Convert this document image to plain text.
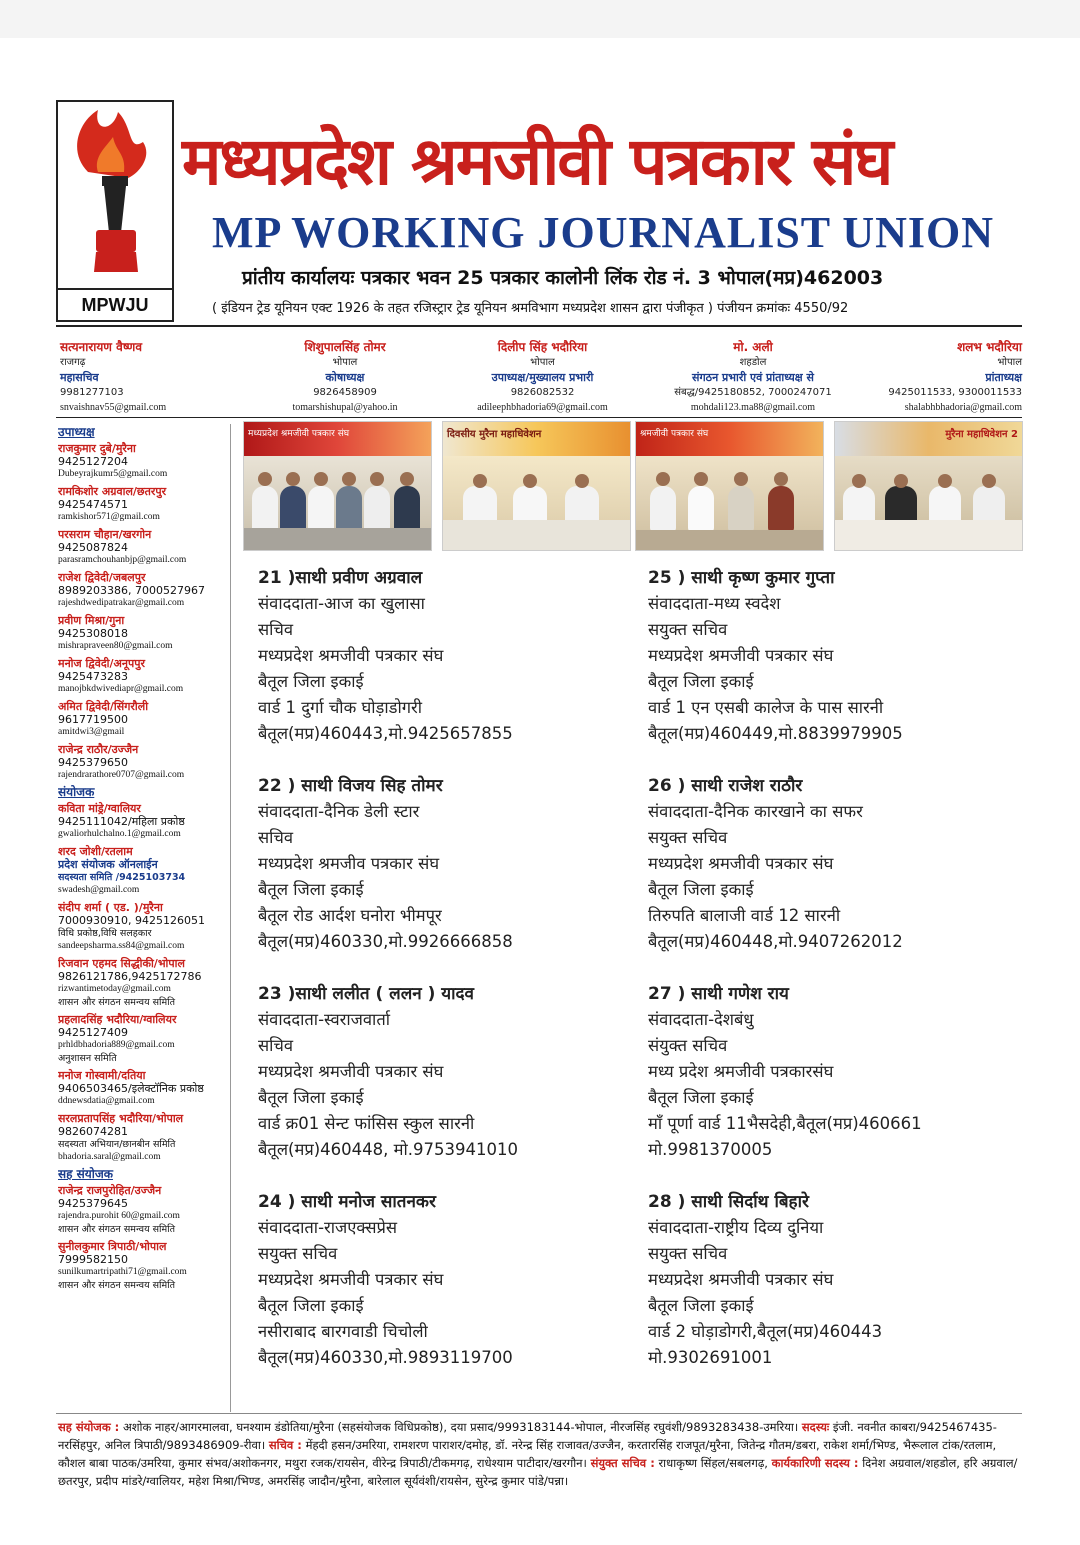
MPWJU
मध्यप्रदेश श्रमजीवी पत्रकार संघ
MP WORKING JOURNALIST UNION
प्रांतीय कार्यालयः पत्रकार भवन 25 पत्रकार कालोनी लिंक रोड नं. 3 भोपाल(मप्र)462003
( इंडियन ट्रेड यूनियन एक्ट 1926 के तहत रजिस्ट्रार ट्रेड यूनियन श्रमविभाग मध्यप्रदेश शासन द्वारा पंजीकृत ) पंजीयन क्रमांकः 4550/92
सत्यनारायण वैष्णव
राजगढ़
महासचिव
9981277103
snvaishnav55@gmail.com
शिशुपालसिंह तोमर
भोपाल
कोषाध्यक्ष
9826458909
tomarshishupal@yahoo.in
दिलीप सिंह भदौरिया
भोपाल
उपाध्यक्ष/मुख्यालय प्रभारी
9826082532
adileephbhadoria69@gmail.com
मो. अली
शहडोल
संगठन प्रभारी एवं प्रांताध्यक्ष से
संबद्ध/9425180852, 7000247071
mohdali123.ma88@gmail.com
शलभ भदौरिया
भोपाल
प्रांताध्यक्ष
9425011533, 9300011533
shalabhbhadoria@gmail.com
उपाध्यक्ष
राजकुमार दुबे/मुरैना
9425127204
Dubeyrajkumr5@gmail.com
रामकिशोर अग्रवाल/छतरपुर
9425474571
ramkishor571@gmail.com
परसराम चौहान/खरगोन
9425087824
parasramchouhanbjp@gmail.com
राजेश द्विवेदी/जबलपुर
8989203386, 7000527967
rajeshdwedipatrakar@gmail.com
प्रवीण मिश्रा/गुना
9425308018
mishrapraveen80@gmail.com
मनोज द्विवेदी/अनूपपुर
9425473283
manojbkdwivediapr@gmail.com
अमित द्विवेदी/सिंगरौली
9617719500
amitdwi3@gmail
राजेन्द्र राठौर/उज्जैन
9425379650
rajendrarathore0707@gmail.com
संयोजक
कविता मांड्रे/ग्वालियर
9425111042/महिला प्रकोष्ठ
gwaliorhulchalno.1@gmail.com
शरद जोशी/रतलाम
प्रदेश संयोजक ऑनलाईन
सदस्यता समिति /9425103734
swadesh@gmail.com
संदीप शर्मा ( एड. )/मुरैना
7000930910, 9425126051
विधि प्रकोष्ठ,विधि सलहकार
sandeepsharma.ss84@gmail.com
रिजवान एहमद सिद्धीकी/भोपाल
9826121786,9425172786
rizwantimetoday@gmail.com
शासन और संगठन समन्वय समिति
प्रहलादसिंह भदौरिया/ग्वालियर
9425127409
prhldbhadoria889@gmail.com
अनुशासन समिति
मनोज गोस्वामी/दतिया
9406503465/इलेक्टॉनिक प्रकोष्ठ
ddnewsdatia@gmail.com
सरलप्रतापसिंह भदौरिया/भोपाल
9826074281
सदस्यता अभियान/छानबीन समिति
bhadoria.saral@gmail.com
सह संयोजक
राजेन्द्र राजपुरोहित/उज्जैन
9425379645
rajendra.purohit 60@gmail.com
शासन और संगठन समन्वय समिति
सुनीलकुमार त्रिपाठी/भोपाल
7999582150
sunilkumartripathi71@gmail.com
शासन और संगठन समन्वय समिति
मध्यप्रदेश श्रमजीवी पत्रकार संघ	दिवसीय मुरैना महाधिवेशन	श्रमजीवी पत्रकार संघ	मुरैना महाधिवेशन 2
21 )साथी प्रवीण अग्रवाल
संवाददाता-आज का खुलासा
सचिव
मध्यप्रदेश श्रमजीवी पत्रकार संघ
बैतूल जिला इकाई
वार्ड 1 दुर्गा चौक घोड़ाडोगरी
बैतूल(मप्र)460443,मो.9425657855
25 ) साथी कृष्ण कुमार गुप्ता
संवाददाता-मध्य स्वदेश
सयुक्त सचिव
मध्यप्रदेश श्रमजीवी पत्रकार संघ
बैतूल जिला इकाई
वार्ड 1 एन एसबी कालेज के पास सारनी
बैतूल(मप्र)460449,मो.8839979905
22 ) साथी विजय सिह तोमर
संवाददाता-दैनिक डेली स्टार
सचिव
मध्यप्रदेश श्रमजीव पत्रकार संघ
बैतूल जिला इकाई
बैतूल रोड आर्दश घनोरा भीमपूर
बैतूल(मप्र)460330,मो.9926666858
26 ) साथी राजेश राठौर
संवाददाता-दैनिक कारखाने का सफर
सयुक्त सचिव
मध्यप्रदेश श्रमजीवी पत्रकार संघ
बैतूल जिला इकाई
तिरुपति बालाजी वार्ड 12 सारनी
बैतूल(मप्र)460448,मो.9407262012
23 )साथी ललीत ( ललन ) यादव
संवाददाता-स्वराजवार्ता
सचिव
मध्यप्रदेश श्रमजीवी पत्रकार संघ
बैतूल जिला इकाई
वार्ड क्र01 सेन्ट फांसिस स्कुल सारनी
बैतूल(मप्र)460448, मो.9753941010
27 ) साथी गणेश राय
संवाददाता-देशबंधु
संयुक्त सचिव
मध्य प्रदेश श्रमजीवी पत्रकारसंघ
बैतूल जिला इकाई
माँ पूर्णा वार्ड 11भैसदेही,बैतूल(मप्र)460661
मो.9981370005
24 ) साथी मनोज सातनकर
संवाददाता-राजएक्सप्रेस
सयुक्त सचिव
मध्यप्रदेश श्रमजीवी पत्रकार संघ
बैतूल जिला इकाई
नसीराबाद बारगवाडी चिचोली
बैतूल(मप्र)460330,मो.9893119700
28 ) साथी सिर्दाथ बिहारे
संवाददाता-राष्ट्रीय दिव्य दुनिया
सयुक्त सचिव
मध्यप्रदेश श्रमजीवी पत्रकार संघ
बैतूल जिला इकाई
वार्ड 2 घोड़ाडोगरी,बैतूल(मप्र)460443
मो.9302691001
सह संयोजक : अशोक नाहर/आगरमालवा, घनश्याम डंडोतिया/मुरैना (सहसंयोजक विधिप्रकोष्ठ), दया प्रसाद/9993183144-भोपाल, नीरजसिंह रघुवंशी/9893283438-उमरिया। सदस्यः इंजी. नवनीत काबरा/9425467435-नरसिंहपुर, अनिल त्रिपाठी/9893486909-रीवा। सचिव : मेंहदी हसन/उमरिया, रामशरण पाराशर/दमोह, डॉ. नरेन्द्र सिंह राजावत/उज्जैन, करतारसिंह राजपूत/मुरैना, जितेन्द्र गौतम/डबरा, राकेश शर्मा/भिण्ड, भैरूलाल टांक/रतलाम, कौशल बाबा पाठक/उमरिया, कुमार संभव/अशोकनगर, मथुरा रजक/रायसेन, वीरेन्द्र त्रिपाठी/टीकमगढ़, राधेश्याम पाटीदार/खरगौन। संयुक्त सचिव : राधाकृष्ण सिंहल/सबलगढ़, कार्यकारिणी सदस्य : दिनेश अग्रवाल/शहडोल, हरि अग्रवाल/छतरपुर, प्रदीप मांडरे/ग्वालियर, महेश मिश्रा/भिण्ड, अमरसिंह जादौन/मुरैना, बारेलाल सूर्यवंशी/रायसेन, सुरेन्द्र कुमार पांडे/पन्ना।
